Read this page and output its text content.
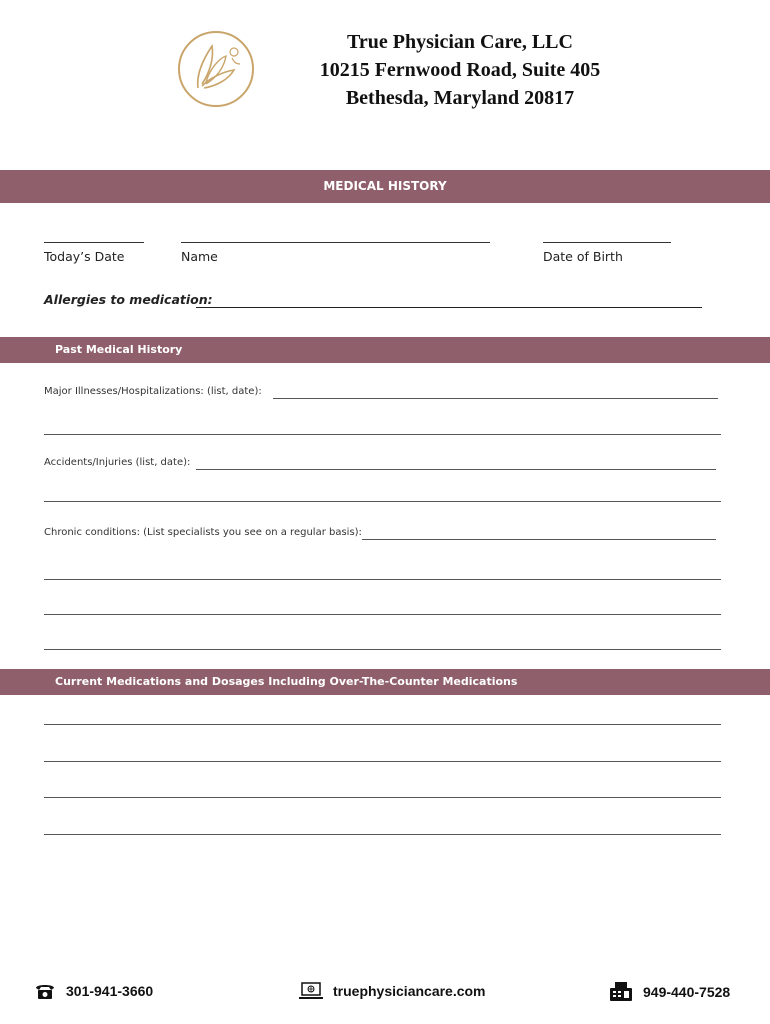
True Physician Care, LLC
10215 Fernwood Road, Suite 405
Bethesda, Maryland 20817
MEDICAL HISTORY
Today’s Date	Name	Date of Birth
Allergies to medication:
Past Medical History
Major Illnesses/Hospitalizations: (list, date):
Accidents/Injuries (list, date):
Chronic conditions: (List specialists you see on a regular basis):
Current Medications and Dosages Including Over-The-Counter Medications
301-941-3660	truephysiciancare.com	949-440-7528
